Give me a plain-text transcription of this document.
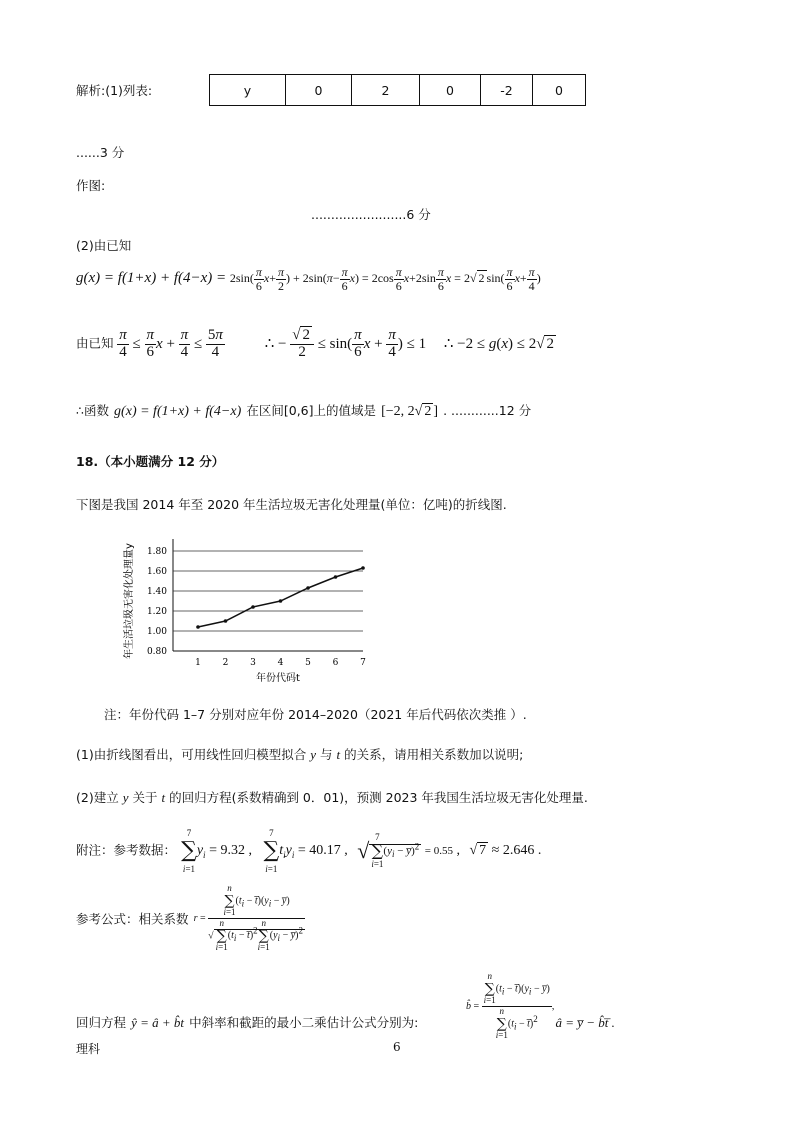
解析:(1)列表:	y	0	2	0	-2	0
......3 分
作图:
........................6 分
(2)由已知
$g(x) = f(1+x) + f(4-x) = 2\sin( \frac{\pi}{6} x+ \frac{\pi}{2}$ ) + $2\sin(\pi- \frac{\pi}{6} x) = 2\cos \frac{\pi}{6} x+2\sin \frac{\pi}{6}$ x = 2√ 2 $\sin( \frac{\pi}{6} x+ \frac{\pi}{4}$ )
由已知 $\frac{\pi}{4} \le \frac{\pi}{6}$ $x + \frac{\pi}{4} \le \frac{5\pi}{4}$	∴ − $\frac{√ 2}{2} \le \sin( \frac{\pi}{6}$ $x + \frac{\pi}{4}$ ) ≤ 1 ∴ −2 ≤ g(x) ≤ 2√ 2
∴函数 g(x) = f(1+x) + f(4−x) 在区间[0,6]上的值域是 [−2, 2√ 2 ] . ............12 分
18.（本小题满分 12 分）
下图是我国 2014 年至 2020 年生活垃圾无害化处理量(单位：亿吨)的折线图.
0.80
1.00
1.20
1.40
1.60
1.80
1 2 3 4 5 6 7
年份代码t
年生活垃圾无害化处理量y
注：年份代码 1–7 分别对应年份 2014–2020（2021 年后代码依次类推 ）.
(1)由折线图看出，可用线性回归模型拟合 y 与 t 的关系，请用相关系数加以说明;
(2)建立 y 关于 t 的回归方程(系数精确到 0．01)，预测 2023 年我国生活垃圾无害化处理量.
附注：参考数据： 7
∑
$i=1y_i = 9.32$ , 7
∑
$i=1t_iy_i = 40.17$ , √7
∑
$i=1(y_i$ − y̅)$^2$ = 0.55 , √ 7 ≈ 2.646 .
参考公式：相关系数 r = n
∑
i=1(ti − t̅)(yi − y̅)
√n
∑
i=1(ti − t̅)2n
∑
i=1(yi − y̅)2
b̂ = n
∑
i=1(ti − t̅)(yi − y̅)
n
∑
i=1(ti − t̅)2 ,
回归方程 ŷ = â + b̂t 中斜率和截距的最小二乘估计公式分别为:	â = y̅ − b̂t̅ .
理科	6
